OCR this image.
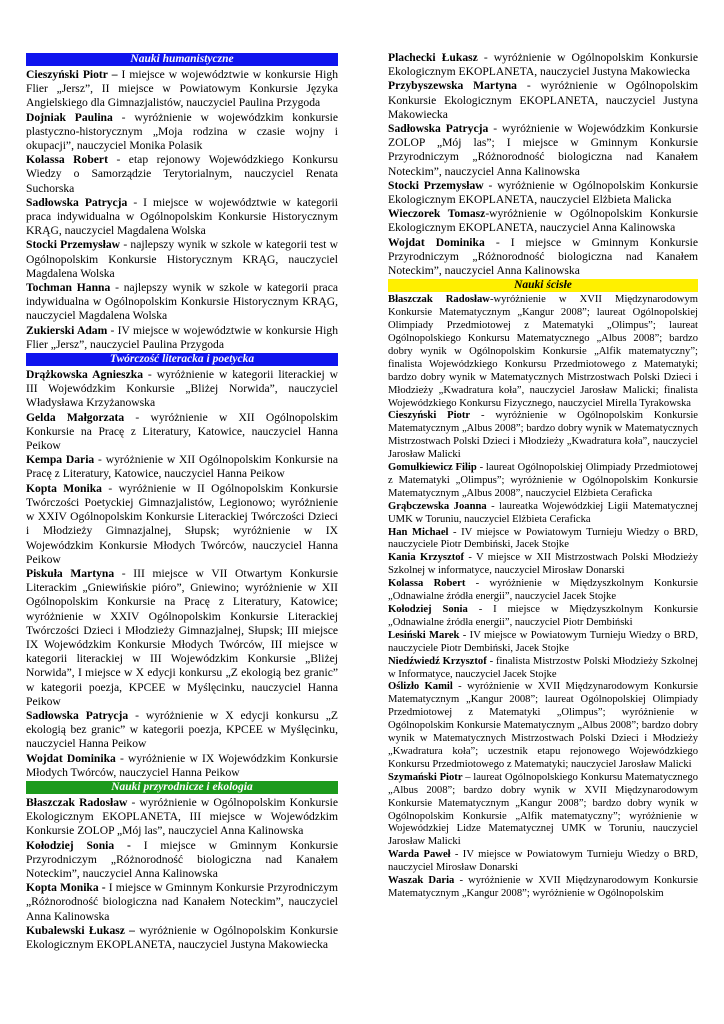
Nauki humanistyczne
Cieszyński Piotr – I miejsce w województwie w konkursie High Flier „Jersz”, II miejsce w Powiatowym Konkursie Języka Angielskiego dla Gimnazjalistów, nauczyciel Paulina Przygoda
Dojniak Paulina - wyróżnienie w wojewódzkim konkursie plastyczno-historycznym „Moja rodzina w czasie wojny i okupacji”, nauczyciel Monika Polasik
Kolassa Robert - etap rejonowy Wojewódzkiego Konkursu Wiedzy o Samorządzie Terytorialnym, nauczyciel Renata Suchorska
Sadłowska Patrycja - I miejsce w województwie w kategorii praca indywidualna w Ogólnopolskim Konkursie Historycznym KRĄG, nauczyciel Magdalena Wolska
Stocki Przemysław - najlepszy wynik w szkole w kategorii test w Ogólnopolskim Konkursie Historycznym KRĄG, nauczyciel Magdalena Wolska
Tochman Hanna - najlepszy wynik w szkole w kategorii praca indywidualna w Ogólnopolskim Konkursie Historycznym KRĄG, nauczyciel Magdalena Wolska
Zukierski Adam - IV miejsce w województwie w konkursie High Flier „Jersz”, nauczyciel Paulina Przygoda
Twórczość literacka i poetycka
Drążkowska Agnieszka - wyróżnienie w kategorii literackiej w III Wojewódzkim Konkursie „Bliżej Norwida”, nauczyciel Władysława Krzyżanowska
Gelda Małgorzata - wyróżnienie w XII Ogólnopolskim Konkursie na Pracę z Literatury, Katowice, nauczyciel Hanna Peikow
Kempa Daria - wyróżnienie w XII Ogólnopolskim Konkursie na Pracę z Literatury, Katowice, nauczyciel Hanna Peikow
Kopta Monika - wyróżnienie w II Ogólnopolskim Konkursie Twórczości Poetyckiej Gimnazjalistów, Legionowo; wyróżnienie w XXIV Ogólnopolskim Konkursie Literackiej Twórczości Dzieci i Młodzieży Gimnazjalnej, Słupsk; wyróżnienie w IX Wojewódzkim Konkursie Młodych Twórców, nauczyciel Hanna Peikow
Piskuła Martyna - III miejsce w VII Otwartym Konkursie Literackim „Gniewińskie pióro”, Gniewino; wyróżnienie w XII Ogólnopolskim Konkursie na Pracę z Literatury, Katowice; wyróżnienie w XXIV Ogólnopolskim Konkursie Literackiej Twórczości Dzieci i Młodzieży Gimnazjalnej, Słupsk; III miejsce IX Wojewódzkim Konkursie Młodych Twórców, III miejsce w kategorii literackiej w III Wojewódzkim Konkursie „Bliżej Norwida”, I miejsce w X edycji konkursu „Z ekologią bez granic” w kategorii poezja, KPCEE w Myślęcinku, nauczyciel Hanna Peikow
Sadłowska Patrycja - wyróżnienie w X edycji konkursu „Z ekologią bez granic” w kategorii poezja, KPCEE w Myślęcinku, nauczyciel Hanna Peikow
Wojdat Dominika - wyróżnienie w IX Wojewódzkim Konkursie Młodych Twórców, nauczyciel Hanna Peikow
Nauki przyrodnicze i ekologia
Błaszczak Radosław - wyróżnienie w Ogólnopolskim Konkursie Ekologicznym EKOPLANETA, III miejsce w Wojewódzkim Konkursie ZOLOP „Mój las”, nauczyciel Anna Kalinowska
Kołodziej Sonia - I miejsce w Gminnym Konkursie Przyrodniczym „Różnorodność biologiczna nad Kanałem Noteckim”, nauczyciel Anna Kalinowska
Kopta Monika - I miejsce w Gminnym Konkursie Przyrodniczym „Różnorodność biologiczna nad Kanałem Noteckim”, nauczyciel Anna Kalinowska
Kubalewski Łukasz – wyróżnienie w Ogólnopolskim Konkursie Ekologicznym EKOPLANETA, nauczyciel Justyna Makowiecka
Plachecki Łukasz - wyróżnienie w Ogólnopolskim Konkursie Ekologicznym EKOPLANETA, nauczyciel Justyna Makowiecka
Przybyszewska Martyna - wyróżnienie w Ogólnopolskim Konkursie Ekologicznym EKOPLANETA, nauczyciel Justyna Makowiecka
Sadłowska Patrycja - wyróżnienie w Wojewódzkim Konkursie ZOLOP „Mój las”; I miejsce w Gminnym Konkursie Przyrodniczym „Różnorodność biologiczna nad Kanałem Noteckim”, nauczyciel Anna Kalinowska
Stocki Przemysław - wyróżnienie w Ogólnopolskim Konkursie Ekologicznym EKOPLANETA, nauczyciel Elżbieta Malicka
Wieczorek Tomasz-wyróżnienie w Ogólnopolskim Konkursie Ekologicznym EKOPLANETA, nauczyciel Anna Kalinowska
Wojdat Dominika - I miejsce w Gminnym Konkursie Przyrodniczym „Różnorodność biologiczna nad Kanałem Noteckim”, nauczyciel Anna Kalinowska
Nauki ścisłe
Błaszczak Radosław-wyróżnienie w XVII Międzynarodowym Konkursie Matematycznym „Kangur 2008”; laureat Ogólnopolskiej Olimpiady Przedmiotowej z Matematyki „Olimpus”; laureat Ogólnopolskiego Konkursu Matematycznego „Albus 2008”; bardzo dobry wynik w Ogólnopolskim Konkursie „Alfik matematyczny”; finalista Wojewódzkiego Konkursu Przedmiotowego z Matematyki; bardzo dobry wynik w Matematycznych Mistrzostwach Polski Dzieci i Młodzieży „Kwadratura koła”, nauczyciel Jarosław Malicki; finalista Wojewódzkiego Konkursu Fizycznego, nauczyciel Mirella Tyrakowska
Cieszyński Piotr - wyróżnienie w Ogólnopolskim Konkursie Matematycznym „Albus 2008”; bardzo dobry wynik w Matematycznych Mistrzostwach Polski Dzieci i Młodzieży „Kwadratura koła”, nauczyciel Jarosław Malicki
Gomułkiewicz Filip - laureat Ogólnopolskiej Olimpiady Przedmiotowej z Matematyki „Olimpus”; wyróżnienie w Ogólnopolskim Konkursie Matematycznym „Albus 2008”, nauczyciel Elżbieta Ceraficka
Grąbczewska Joanna - laureatka Wojewódzkiej Ligii Matematycznej UMK w Toruniu, nauczyciel Elżbieta Ceraficka
Han Michael - IV miejsce w Powiatowym Turnieju Wiedzy o BRD, nauczyciele Piotr Dembiński, Jacek Stojke
Kania Krzysztof - V miejsce w XII Mistrzostwach Polski Młodzieży Szkolnej w informatyce, nauczyciel Mirosław Donarski
Kolassa Robert - wyróżnienie w Międzyszkolnym Konkursie „Odnawialne źródła energii”, nauczyciel Jacek Stojke
Kołodziej Sonia - I miejsce w Międzyszkolnym Konkursie „Odnawialne źródła energii”, nauczyciel Piotr Dembiński
Lesiński Marek - IV miejsce w Powiatowym Turnieju Wiedzy o BRD, nauczyciele Piotr Dembiński, Jacek Stojke
Niedźwiedź Krzysztof - finalista Mistrzostw Polski Młodzieży Szkolnej w Informatyce, nauczyciel Jacek Stojke
Oślizło Kamil - wyróżnienie w XVII Międzynarodowym Konkursie Matematycznym „Kangur 2008”; laureat Ogólnopolskiej Olimpiady Przedmiotowej z Matematyki „Olimpus”; wyróżnienie w Ogólnopolskim Konkursie Matematycznym „Albus 2008”; bardzo dobry wynik w Matematycznych Mistrzostwach Polski Dzieci i Młodzieży „Kwadratura koła”; uczestnik etapu rejonowego Wojewódzkiego Konkursu Przedmiotowego z Matematyki; nauczyciel Jarosław Malicki
Szymański Piotr – laureat Ogólnopolskiego Konkursu Matematycznego „Albus 2008”; bardzo dobry wynik w XVII Międzynarodowym Konkursie Matematycznym „Kangur 2008”; bardzo dobry wynik w Ogólnopolskim Konkursie „Alfik matematyczny”; wyróżnienie w Wojewódzkiej Lidze Matematycznej UMK w Toruniu, nauczyciel Jarosław Malicki
Warda Paweł - IV miejsce w Powiatowym Turnieju Wiedzy o BRD, nauczyciel Mirosław Donarski
Waszak Daria - wyróżnienie w XVII Międzynarodowym Konkursie Matematycznym „Kangur 2008”; wyróżnienie w Ogólnopolskim
